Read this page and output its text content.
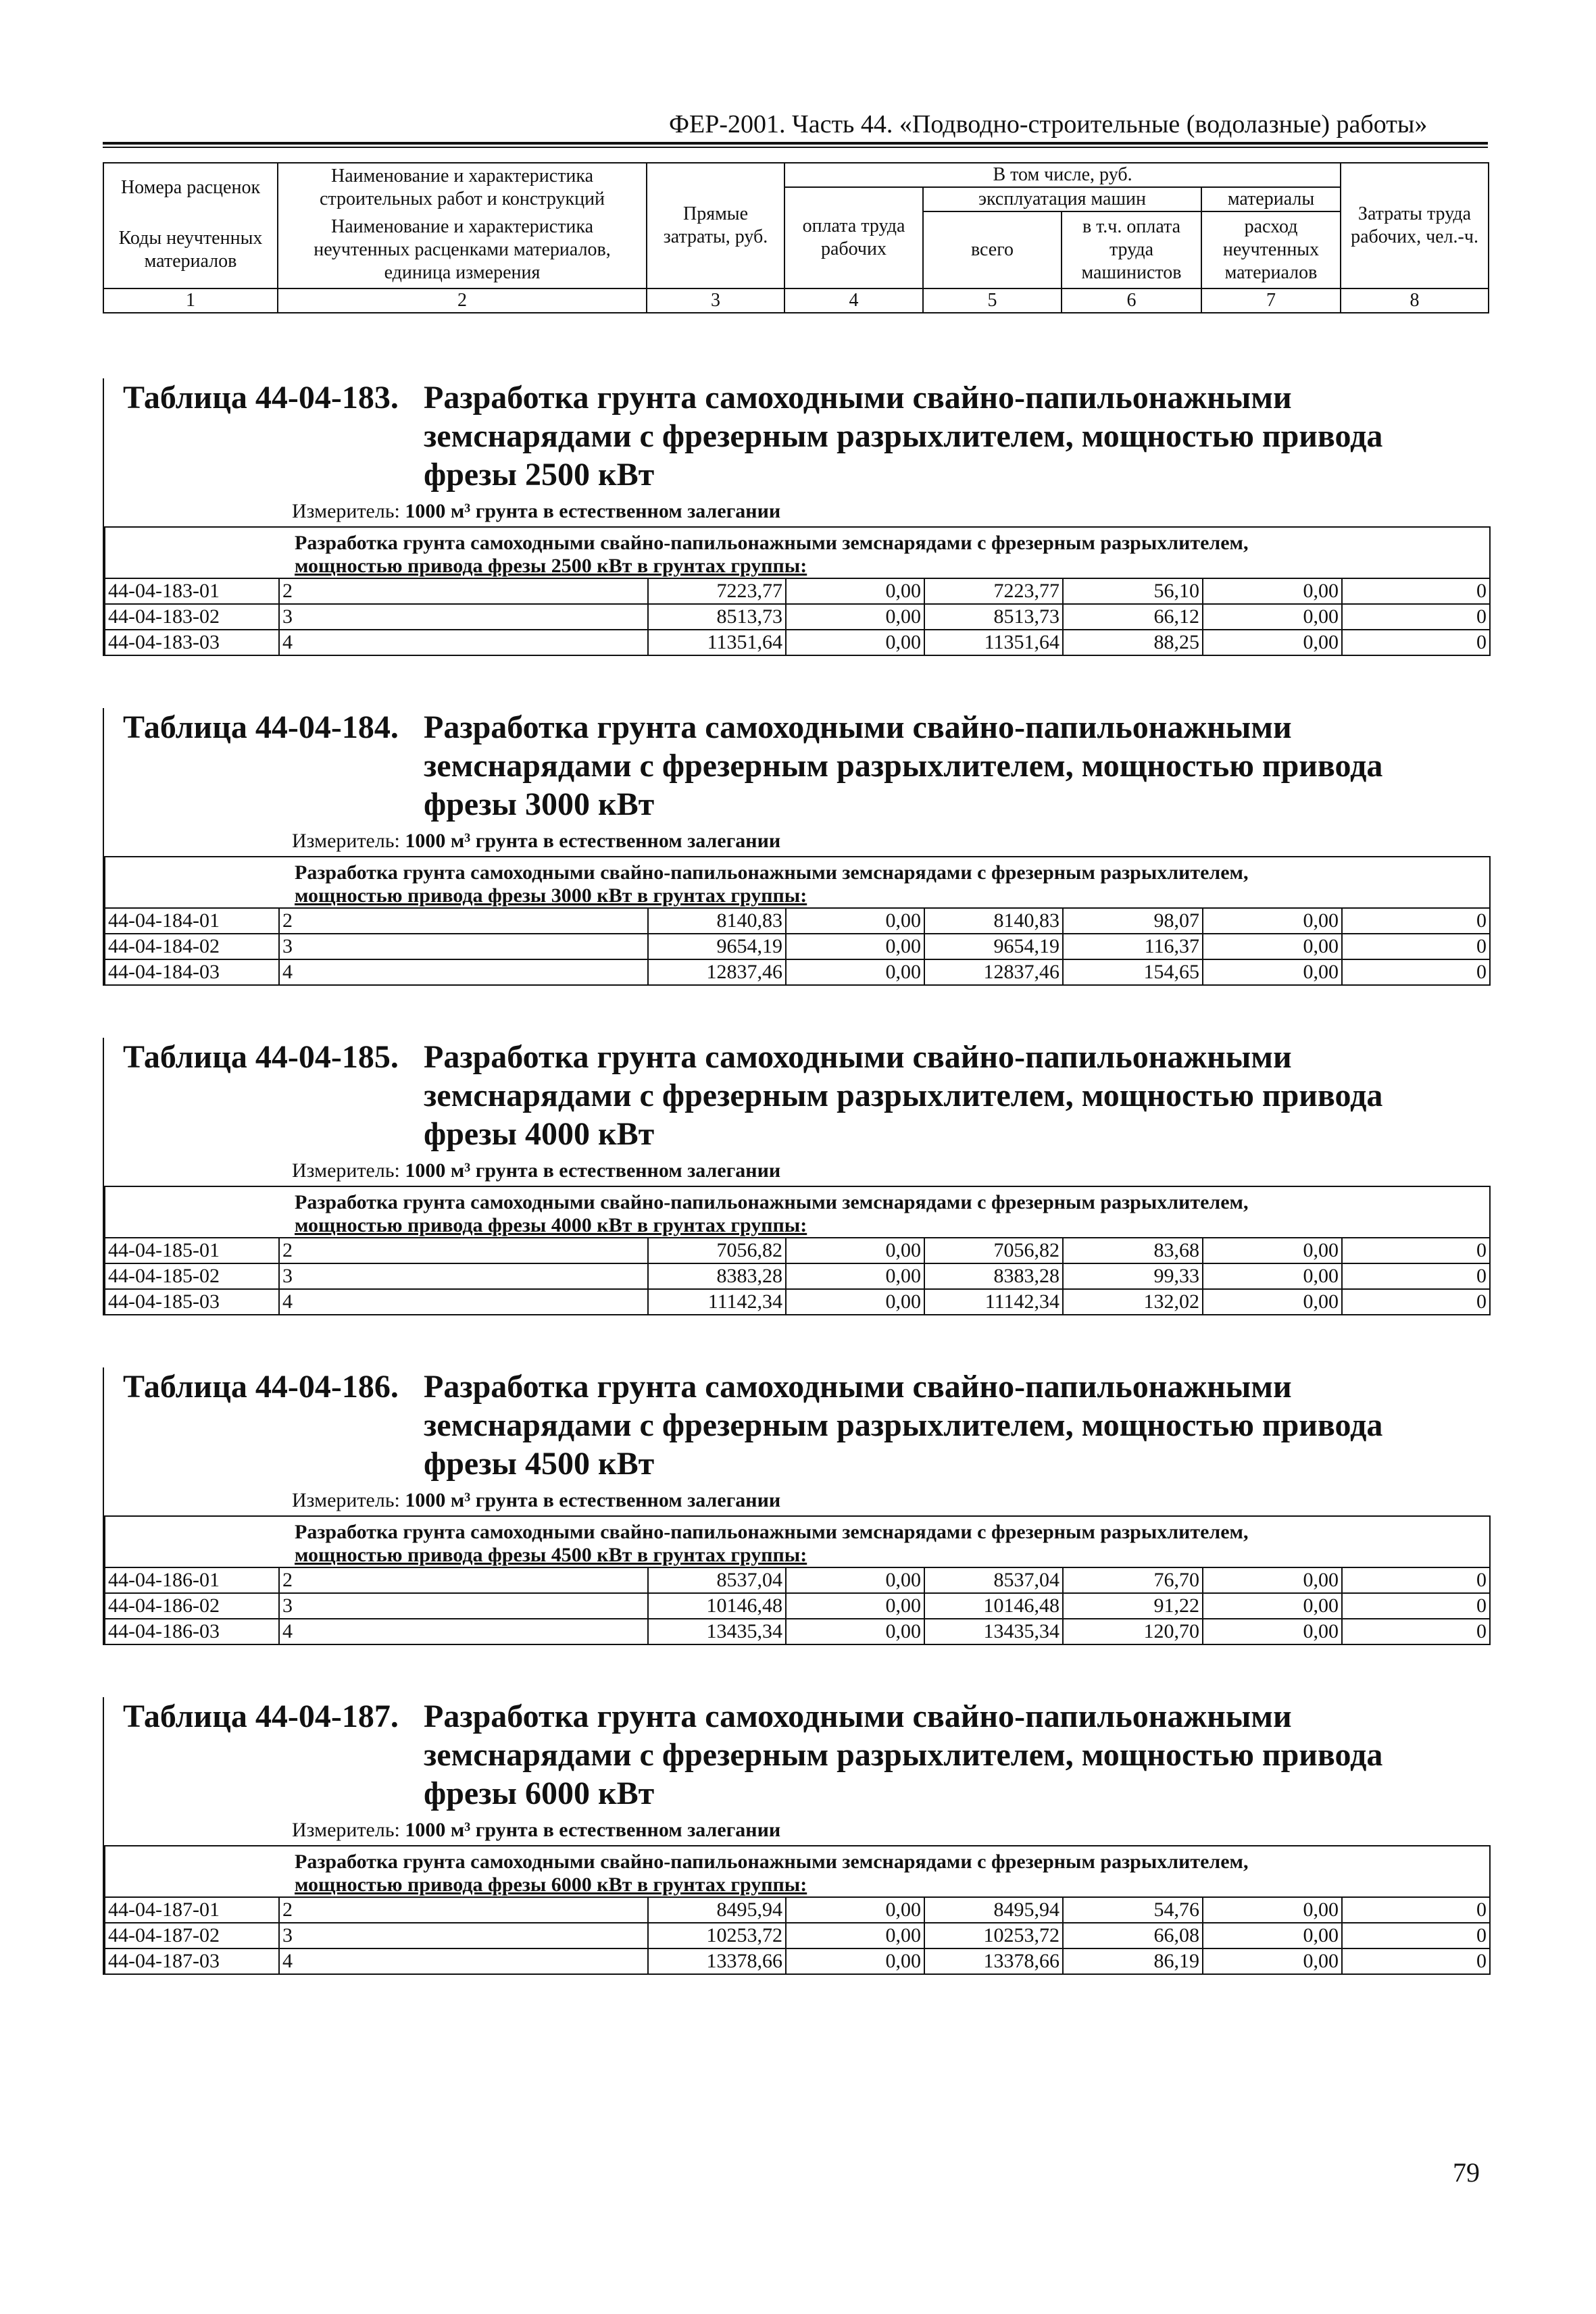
ФЕР-2001. Часть 44. «Подводно-строительные (водолазные) работы»
Номера расценок	Наименование и характеристика строительных работ и конструкций	Прямые затраты, руб.	В том числе, руб.				Затраты труда рабочих, чел.-ч.
			оплата труда рабочих	эксплуатация машин		материалы	
Коды неучтенных материалов	Наименование и характеристика неучтенных расценками материалов, единица измерения			всего	в т.ч. оплата труда машинистов	расход неучтенных материалов	

1	2	3	4	5	6	7	8
Таблица 44-04-183. Разработка грунта самоходными свайно-папильонажными
земснарядами с фрезерным разрыхлителем, мощностью привода
фрезы 2500 кВт
Измеритель: 1000 м³ грунта в естественном залегании
Разработка грунта самоходными свайно-папильонажными земснарядами с фрезерным разрыхлителем,
мощностью привода фрезы 2500 кВт в грунтах группы:							

44-04-183-01	2	7223,77	0,00	7223,77	56,10	0,00	0
44-04-183-02	3	8513,73	0,00	8513,73	66,12	0,00	0
44-04-183-03	4	11351,64	0,00	11351,64	88,25	0,00	0
Таблица 44-04-184. Разработка грунта самоходными свайно-папильонажными
земснарядами с фрезерным разрыхлителем, мощностью привода
фрезы 3000 кВт
Измеритель: 1000 м³ грунта в естественном залегании
Разработка грунта самоходными свайно-папильонажными земснарядами с фрезерным разрыхлителем,
мощностью привода фрезы 3000 кВт в грунтах группы:							

44-04-184-01	2	8140,83	0,00	8140,83	98,07	0,00	0
44-04-184-02	3	9654,19	0,00	9654,19	116,37	0,00	0
44-04-184-03	4	12837,46	0,00	12837,46	154,65	0,00	0
Таблица 44-04-185. Разработка грунта самоходными свайно-папильонажными
земснарядами с фрезерным разрыхлителем, мощностью привода
фрезы 4000 кВт
Измеритель: 1000 м³ грунта в естественном залегании
Разработка грунта самоходными свайно-папильонажными земснарядами с фрезерным разрыхлителем,
мощностью привода фрезы 4000 кВт в грунтах группы:							

44-04-185-01	2	7056,82	0,00	7056,82	83,68	0,00	0
44-04-185-02	3	8383,28	0,00	8383,28	99,33	0,00	0
44-04-185-03	4	11142,34	0,00	11142,34	132,02	0,00	0
Таблица 44-04-186. Разработка грунта самоходными свайно-папильонажными
земснарядами с фрезерным разрыхлителем, мощностью привода
фрезы 4500 кВт
Измеритель: 1000 м³ грунта в естественном залегании
Разработка грунта самоходными свайно-папильонажными земснарядами с фрезерным разрыхлителем,
мощностью привода фрезы 4500 кВт в грунтах группы:							

44-04-186-01	2	8537,04	0,00	8537,04	76,70	0,00	0
44-04-186-02	3	10146,48	0,00	10146,48	91,22	0,00	0
44-04-186-03	4	13435,34	0,00	13435,34	120,70	0,00	0
Таблица 44-04-187. Разработка грунта самоходными свайно-папильонажными
земснарядами с фрезерным разрыхлителем, мощностью привода
фрезы 6000 кВт
Измеритель: 1000 м³ грунта в естественном залегании
Разработка грунта самоходными свайно-папильонажными земснарядами с фрезерным разрыхлителем,
мощностью привода фрезы 6000 кВт в грунтах группы:							

44-04-187-01	2	8495,94	0,00	8495,94	54,76	0,00	0
44-04-187-02	3	10253,72	0,00	10253,72	66,08	0,00	0
44-04-187-03	4	13378,66	0,00	13378,66	86,19	0,00	0
79
